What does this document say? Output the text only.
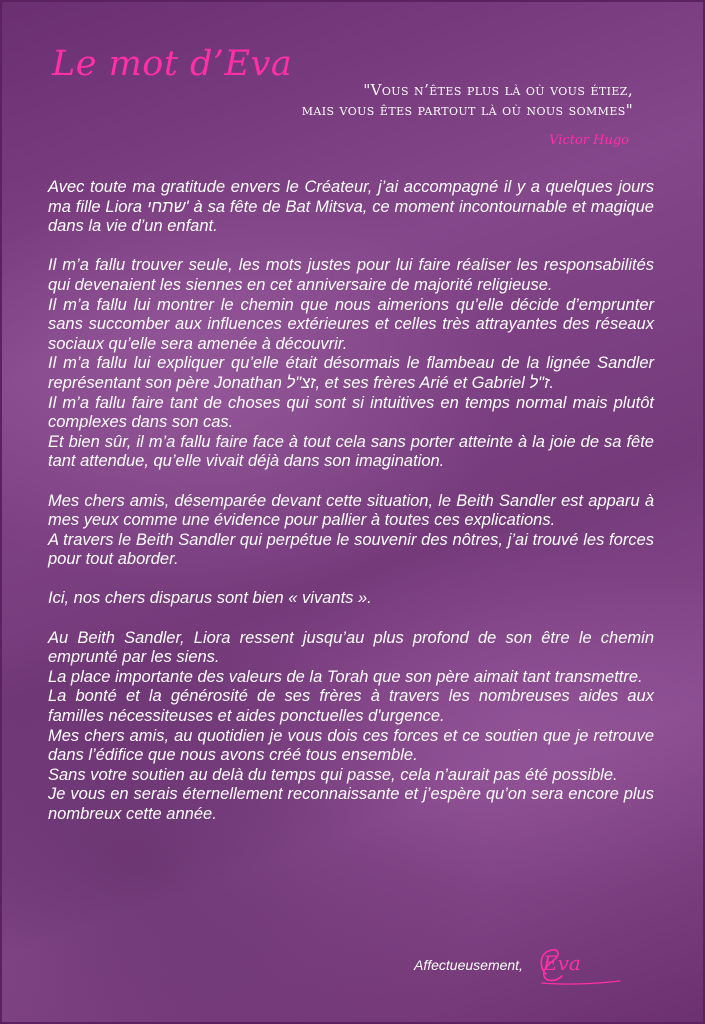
Le mot d’Eva
"Vous n’êtes plus là où vous étiez,
mais vous êtes partout là où nous sommes"
Victor Hugo

Avec toute ma gratitude envers le Créateur, j’ai accompagné il y a quelques jours ma fille Liora שתחי' à sa fête de Bat Mitsva, ce moment incontournable et magique dans la vie d’un enfant.

Il m’a fallu trouver seule, les mots justes pour lui faire réaliser les responsabilités qui devenaient les siennes en cet anniversaire de majorité religieuse.

Il m’a fallu lui montrer le chemin que nous aimerions qu’elle décide d’emprunter sans succomber aux influences extérieures et celles très attrayantes des réseaux sociaux qu’elle sera amenée à découvrir.

Il m’a fallu lui expliquer qu’elle était désormais le flambeau de la lignée Sandler représentant son père Jonathan זצ"ל, et ses frères Arié et Gabriel ז"ל.

Il m’a fallu faire tant de choses qui sont si intuitives en temps normal mais plutôt complexes dans son cas.

Et bien sûr, il m’a fallu faire face à tout cela sans porter atteinte à la joie de sa fête tant attendue, qu’elle vivait déjà dans son imagination.

Mes chers amis, désemparée devant cette situation, le Beith Sandler est apparu à mes yeux comme une évidence pour pallier à toutes ces explications.

A travers le Beith Sandler qui perpétue le souvenir des nôtres, j’ai trouvé les forces pour tout aborder.

Ici, nos chers disparus sont bien « vivants ».

Au Beith Sandler, Liora ressent jusqu’au plus profond de son être le chemin emprunté par les siens.

La place importante des valeurs de la Torah que son père aimait tant transmettre.

La bonté et la générosité de ses frères à travers les nombreuses aides aux familles nécessiteuses et aides ponctuelles d'urgence.

Mes chers amis, au quotidien je vous dois ces forces et ce soutien que je retrouve dans l’édifice que nous avons créé tous ensemble.

Sans votre soutien au delà du temps qui passe, cela n’aurait pas été possible.

Je vous en serais éternellement reconnaissante et j’espère qu’on sera encore plus nombreux cette année.

Affectueusement, Eva
